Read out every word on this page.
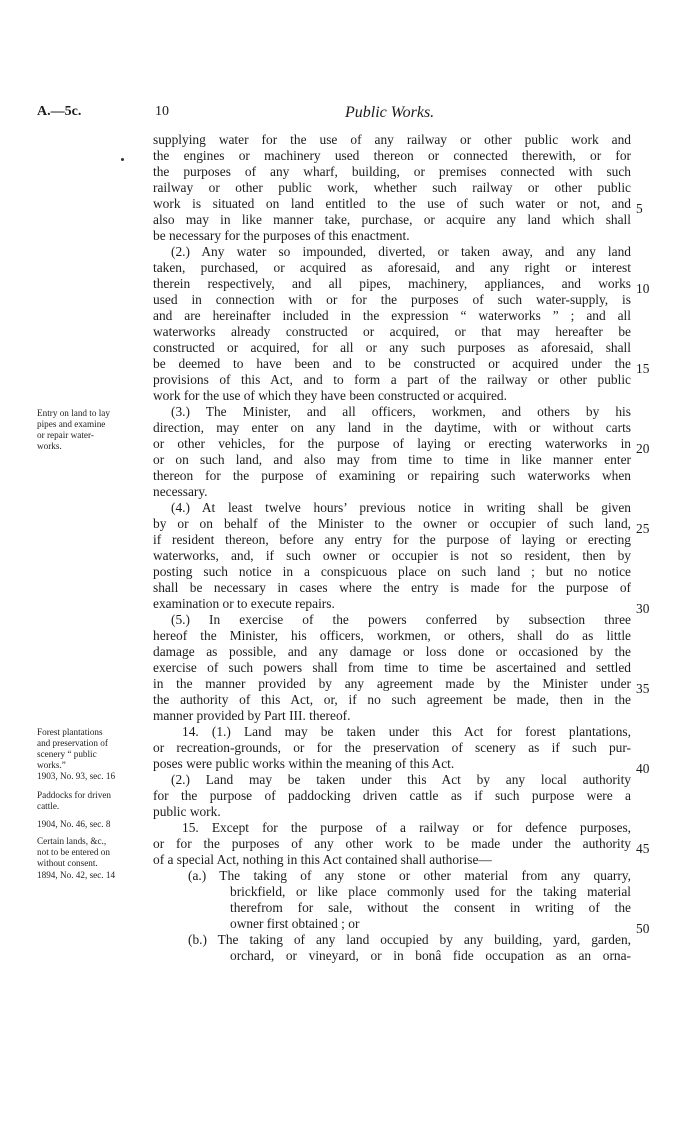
A.—5c.	10	Public Works.
supplying water for the use of any railway or other public work and
the engines or machinery used thereon or connected therewith, or for
the purposes of any wharf, building, or premises connected with such
railway or other public work, whether such railway or other public
work is situated on land entitled to the use of such water or not, and
also may in like manner take, purchase, or acquire any land which shall
be necessary for the purposes of this enactment.
(2.) Any water so impounded, diverted, or taken away, and any land
taken, purchased, or acquired as aforesaid, and any right or interest
therein respectively, and all pipes, machinery, appliances, and works
used in connection with or for the purposes of such water-supply, is
and are hereinafter included in the expression “ waterworks ” ; and all
waterworks already constructed or acquired, or that may hereafter be
constructed or acquired, for all or any such purposes as aforesaid, shall
be deemed to have been and to be constructed or acquired under the
provisions of this Act, and to form a part of the railway or other public
work for the use of which they have been constructed or acquired.
(3.) The Minister, and all officers, workmen, and others by his
direction, may enter on any land in the daytime, with or without carts
or other vehicles, for the purpose of laying or erecting waterworks in
or on such land, and also may from time to time in like manner enter
thereon for the purpose of examining or repairing such waterworks when
necessary.
(4.) At least twelve hours’ previous notice in writing shall be given
by or on behalf of the Minister to the owner or occupier of such land,
if resident thereon, before any entry for the purpose of laying or erecting
waterworks, and, if such owner or occupier is not so resident, then by
posting such notice in a conspicuous place on such land ; but no notice
shall be necessary in cases where the entry is made for the purpose of
examination or to execute repairs.
(5.) In exercise of the powers conferred by subsection three
hereof the Minister, his officers, workmen, or others, shall do as little
damage as possible, and any damage or loss done or occasioned by the
exercise of such powers shall from time to time be ascertained and settled
in the manner provided by any agreement made by the Minister under
the authority of this Act, or, if no such agreement be made, then in the
manner provided by Part III. thereof.
14. (1.) Land may be taken under this Act for forest plantations,
or recreation-grounds, or for the preservation of scenery as if such pur-
poses were public works within the meaning of this Act.
(2.) Land may be taken under this Act by any local authority
for the purpose of paddocking driven cattle as if such purpose were a
public work.
15. Except for the purpose of a railway or for defence purposes,
or for the purposes of any other work to be made under the authority
of a special Act, nothing in this Act contained shall authorise—
(a.) The taking of any stone or other material from any quarry,
brickfield, or like place commonly used for the taking material
therefrom for sale, without the consent in writing of the
owner first obtained ; or
(b.) The taking of any land occupied by any building, yard, garden,
orchard, or vineyard, or in bonâ fide occupation as an orna-
5
10
15
20
25
30
35
40
45
50
Entry on land to lay
pipes and examine
or repair water-
works.
Forest plantations
and preservation of
scenery “ public
works.”
1903, No. 93, sec. 16
Paddocks for driven
cattle.
1904, No. 46, sec. 8
Certain lands, &c.,
not to be entered on
without consent.
1894, No. 42, sec. 14
